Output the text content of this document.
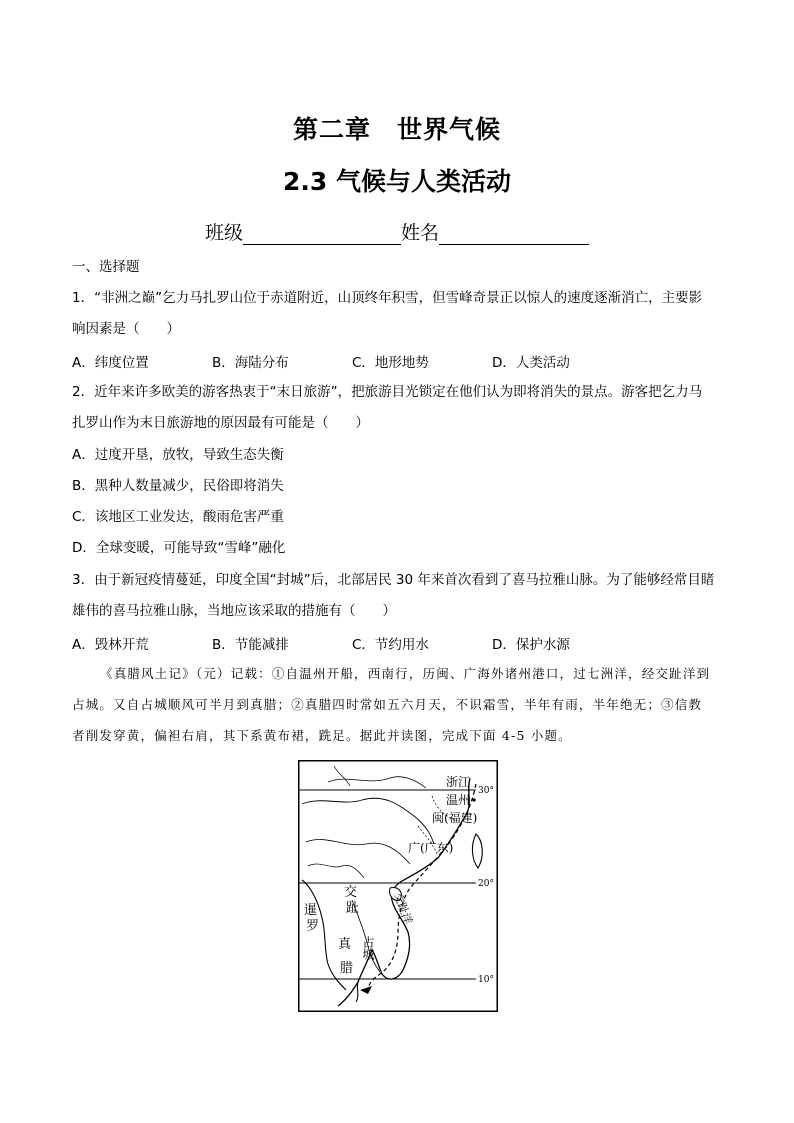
第二章　世界气候
2.3 气候与人类活动
班级	姓名
一、选择题
1．“非洲之巅”乞力马扎罗山位于赤道附近，山顶终年积雪，但雪峰奇景正以惊人的速度逐渐消亡，主要影
响因素是（　　）
A．纬度位置	B．海陆分布	C．地形地势	D．人类活动
2．近年来许多欧美的游客热衷于“末日旅游”，把旅游目光锁定在他们认为即将消失的景点。游客把乞力马
扎罗山作为末日旅游地的原因最有可能是（　　）
A．过度开垦，放牧，导致生态失衡
B．黑种人数量减少，民俗即将消失
C．该地区工业发达，酸雨危害严重
D．全球变暖，可能导致“雪峰”融化
3．由于新冠疫情蔓延，印度全国“封城”后，北部居民 30 年来首次看到了喜马拉雅山脉。为了能够经常目睹
雄伟的喜马拉雅山脉，当地应该采取的措施有（　　）
A．毁林开荒	B．节能减排	C．节约用水	D．保护水源
《真腊风土记》（元）记载：①自温州开船，西南行，历闽、广海外诸州港口，过七洲洋，经交趾洋到
占城。又自占城顺风可半月到真腊；②真腊四时常如五六月天，不识霜雪，半年有雨，半年绝无；③信教
者削发穿黄，偏袒右肩，其下系黄布裙，跣足。据此并读图，完成下面 4-5 小题。
30°
20°
10°
浙江
温州
闽(福建)
广(广东)
交
趾	交趾洋
暹
罗
真
腊
占城
